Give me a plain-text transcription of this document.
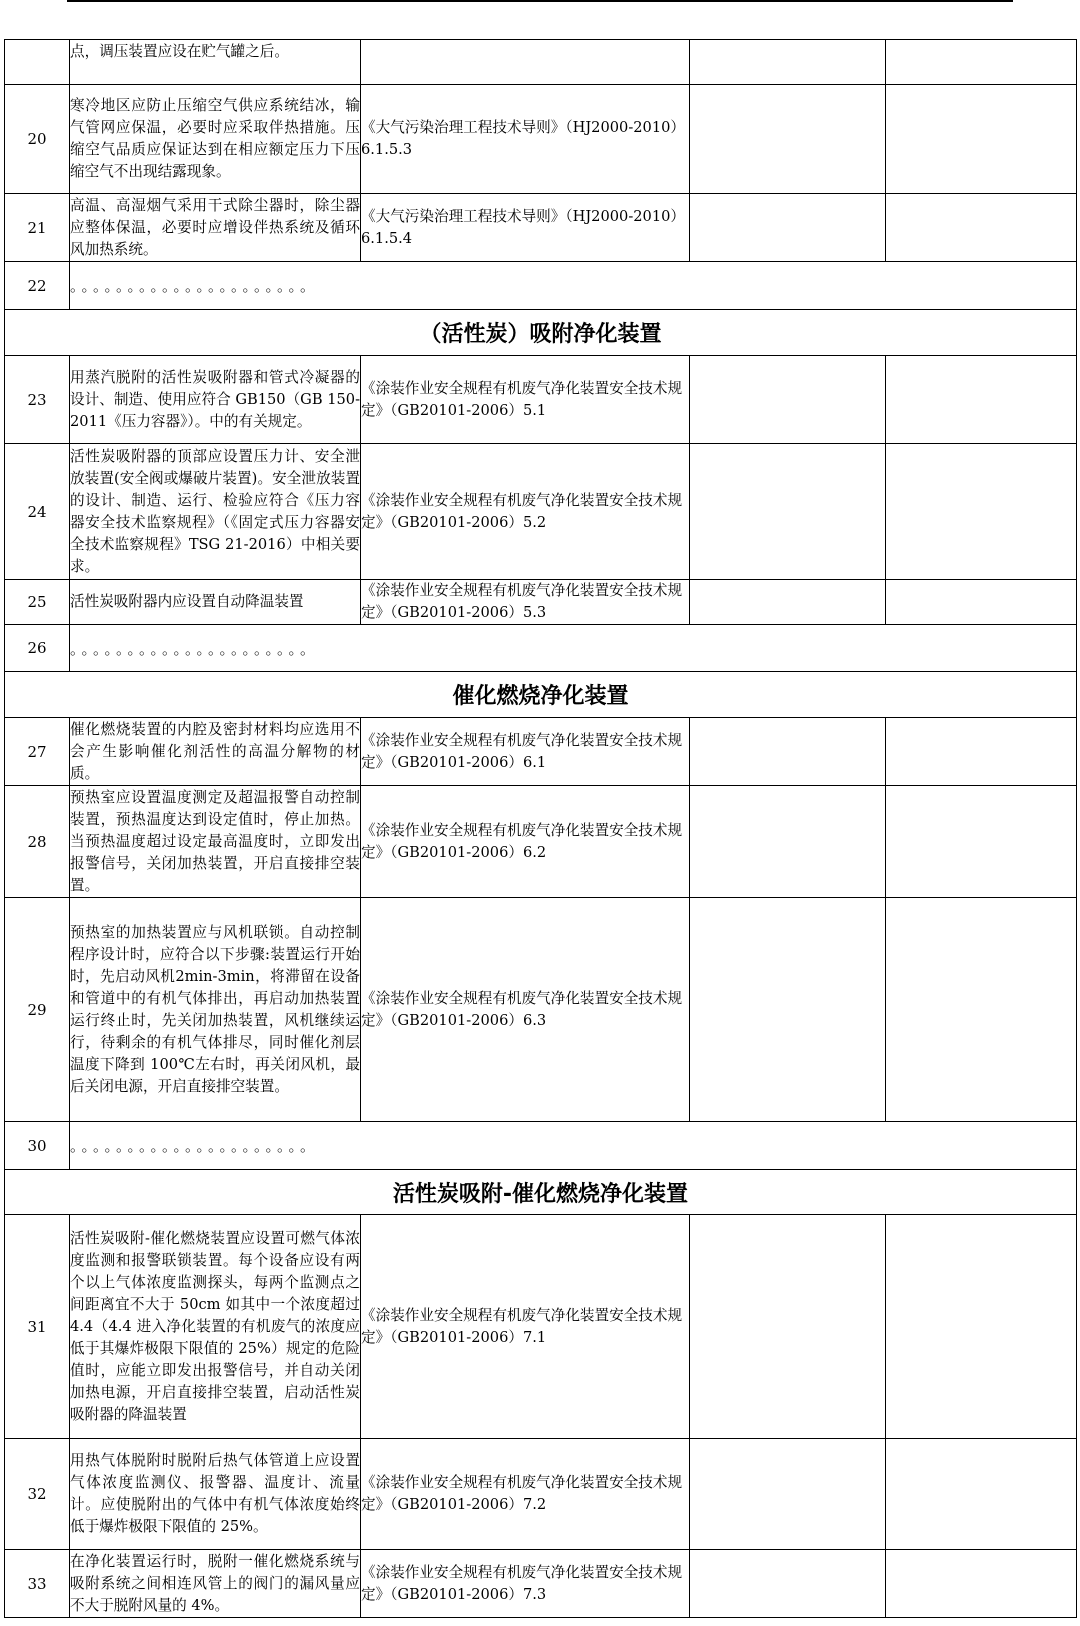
	点，调压装置应设在贮气罐之后。			
20	寒冷地区应防止压缩空气供应系统结冰，输气管网应保温，必要时应采取伴热措施。压缩空气品质应保证达到在相应额定压力下压缩空气不出现结露现象。	《大气污染治理工程技术导则》（HJ2000-2010）6.1.5.3		
21	高温、高湿烟气采用干式除尘器时，除尘器应整体保温，必要时应增设伴热系统及循环风加热系统。	《大气污染治理工程技术导则》（HJ2000-2010）6.1.5.4		
22	。。。。。。。。。。。。。。。。。。。。。			
（活性炭）吸附净化装置				
23	用蒸汽脱附的活性炭吸附器和管式冷凝器的设计、制造、使用应符合 GB150（GB 150-2011《压力容器》）。中的有关规定。	《涂装作业安全规程有机废气净化装置安全技术规定》（GB20101-2006）5.1		
24	活性炭吸附器的顶部应设置压力计、安全泄放装置(安全阀或爆破片装置)。安全泄放装置的设计、制造、运行、检验应符合《压力容器安全技术监察规程》（《固定式压力容器安全技术监察规程》TSG 21-2016）中相关要求。	《涂装作业安全规程有机废气净化装置安全技术规定》（GB20101-2006）5.2		
25	活性炭吸附器内应设置自动降温装置	《涂装作业安全规程有机废气净化装置安全技术规定》（GB20101-2006）5.3		
26	。。。。。。。。。。。。。。。。。。。。。			
催化燃烧净化装置				
27	催化燃烧装置的内腔及密封材料均应选用不会产生影响催化剂活性的高温分解物的材质。	《涂装作业安全规程有机废气净化装置安全技术规定》（GB20101-2006）6.1		
28	预热室应设置温度测定及超温报警自动控制装置，预热温度达到设定值时，停止加热。当预热温度超过设定最高温度时，立即发出报警信号，关闭加热装置，开启直接排空装置。	《涂装作业安全规程有机废气净化装置安全技术规定》（GB20101-2006）6.2		
29	预热室的加热装置应与风机联锁。自动控制程序设计时，应符合以下步骤:装置运行开始时，先启动风机2min-3min，将滞留在设备和管道中的有机气体排出，再启动加热装置运行终止时，先关闭加热装置，风机继续运行，待剩余的有机气体排尽，同时催化剂层温度下降到 100℃左右时，再关闭风机，最后关闭电源，开启直接排空装置。	《涂装作业安全规程有机废气净化装置安全技术规定》（GB20101-2006）6.3		
30	。。。。。。。。。。。。。。。。。。。。。			
活性炭吸附-催化燃烧净化装置				
31	活性炭吸附-催化燃烧装置应设置可燃气体浓度监测和报警联锁装置。每个设备应设有两个以上气体浓度监测探头，每两个监测点之间距离宜不大于 50cm 如其中一个浓度超过 4.4（4.4 进入净化装置的有机废气的浓度应低于其爆炸极限下限值的 25%）规定的危险值时，应能立即发出报警信号，并自动关闭加热电源，开启直接排空装置，启动活性炭吸附器的降温装置	《涂装作业安全规程有机废气净化装置安全技术规定》（GB20101-2006）7.1		
32	用热气体脱附时脱附后热气体管道上应设置气体浓度监测仪、报警器、温度计、流量计。应使脱附出的气体中有机气体浓度始终低于爆炸极限下限值的 25%。	《涂装作业安全规程有机废气净化装置安全技术规定》（GB20101-2006）7.2		
33	在净化装置运行时，脱附一催化燃烧系统与吸附系统之间相连风管上的阀门的漏风量应不大于脱附风量的 4%。	《涂装作业安全规程有机废气净化装置安全技术规定》（GB20101-2006）7.3		
